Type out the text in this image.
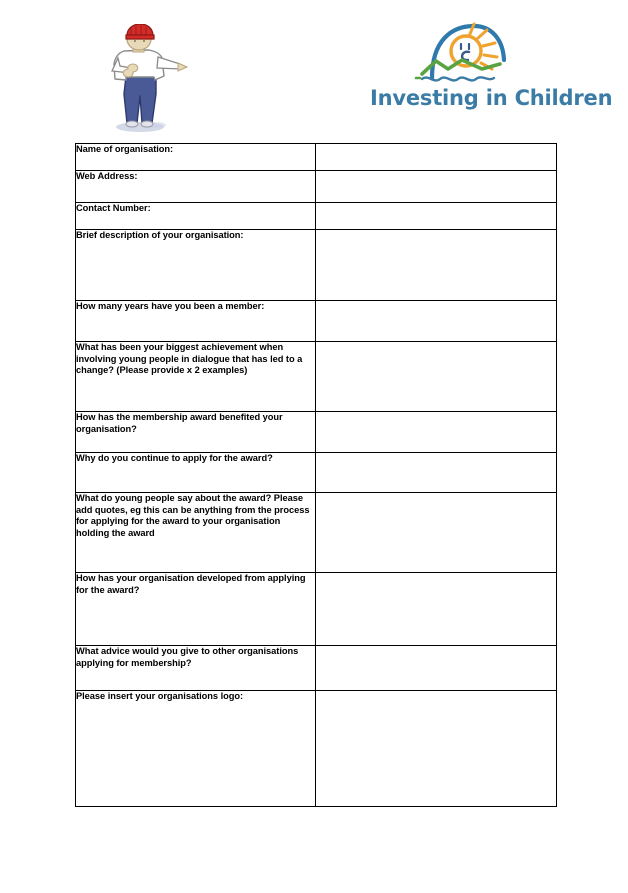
Investing in Children
Name of organisation:	
Web Address:	
Contact Number:	
Brief description of your organisation:	
How many years have you been a member:	
What has been your biggest achievement when involving young people in dialogue that has led to a change? (Please provide x 2 examples)	
How has the membership award benefited your organisation?	
Why do you continue to apply for the award?	
What do young people say about the award? Please add quotes, eg this can be anything from the process for applying for the award to your organisation holding the award	
How has your organisation developed from applying for the award?	
What advice would you give to other organisations applying for membership?	
Please insert your organisations logo:	
